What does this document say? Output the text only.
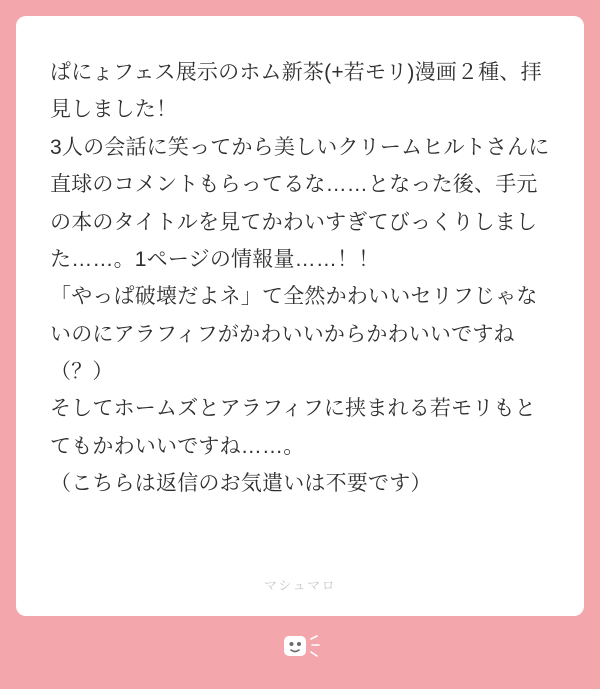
ぱにょフェス展示のホム新茶(+若モリ)漫画２種、拝見しました！

3人の会話に笑ってから美しいクリームヒルトさんに直球のコメントもらってるな……となった後、手元の本のタイトルを見てかわいすぎてびっくりしました……。1ページの情報量……！！

「やっぱ破壊だよネ」て全然かわいいセリフじゃないのにアラフィフがかわいいからかわいいですね（？）

そしてホームズとアラフィフに挟まれる若モリもとてもかわいいですね……。

（こちらは返信のお気遣いは不要です）

マシュマロ
